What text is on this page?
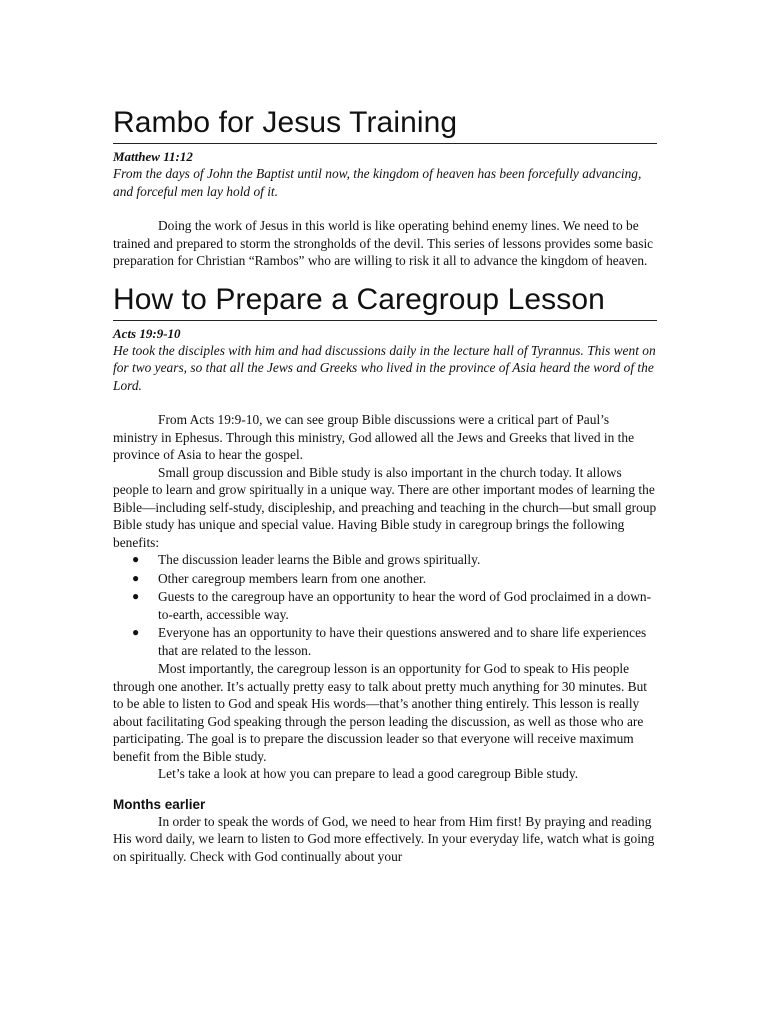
Rambo for Jesus Training
Matthew 11:12

From the days of John the Baptist until now, the kingdom of heaven has been forcefully advancing, and forceful men lay hold of it.

Doing the work of Jesus in this world is like operating behind enemy lines. We need to be trained and prepared to storm the strongholds of the devil. This series of lessons provides some basic preparation for Christian “Rambos” who are willing to risk it all to advance the kingdom of heaven.

How to Prepare a Caregroup Lesson
Acts 19:9-10

He took the disciples with him and had discussions daily in the lecture hall of Tyrannus. This went on for two years, so that all the Jews and Greeks who lived in the province of Asia heard the word of the Lord.

From Acts 19:9-10, we can see group Bible discussions were a critical part of Paul’s ministry in Ephesus. Through this ministry, God allowed all the Jews and Greeks that lived in the province of Asia to hear the gospel.

Small group discussion and Bible study is also important in the church today. It allows people to learn and grow spiritually in a unique way. There are other important modes of learning the Bible—including self-study, discipleship, and preaching and teaching in the church—but small group Bible study has unique and special value. Having Bible study in caregroup brings the following benefits:

● The discussion leader learns the Bible and grows spiritually.
● Other caregroup members learn from one another.
● Guests to the caregroup have an opportunity to hear the word of God proclaimed in a down-to-earth, accessible way.
● Everyone has an opportunity to have their questions answered and to share life experiences that are related to the lesson.

Most importantly, the caregroup lesson is an opportunity for God to speak to His people through one another. It’s actually pretty easy to talk about pretty much anything for 30 minutes. But to be able to listen to God and speak His words—that’s another thing entirely. This lesson is really about facilitating God speaking through the person leading the discussion, as well as those who are participating. The goal is to prepare the discussion leader so that everyone will receive maximum benefit from the Bible study.

Let’s take a look at how you can prepare to lead a good caregroup Bible study.

Months earlier

In order to speak the words of God, we need to hear from Him first! By praying and reading His word daily, we learn to listen to God more effectively. In your everyday life, watch what is going on spiritually. Check with God continually about your
